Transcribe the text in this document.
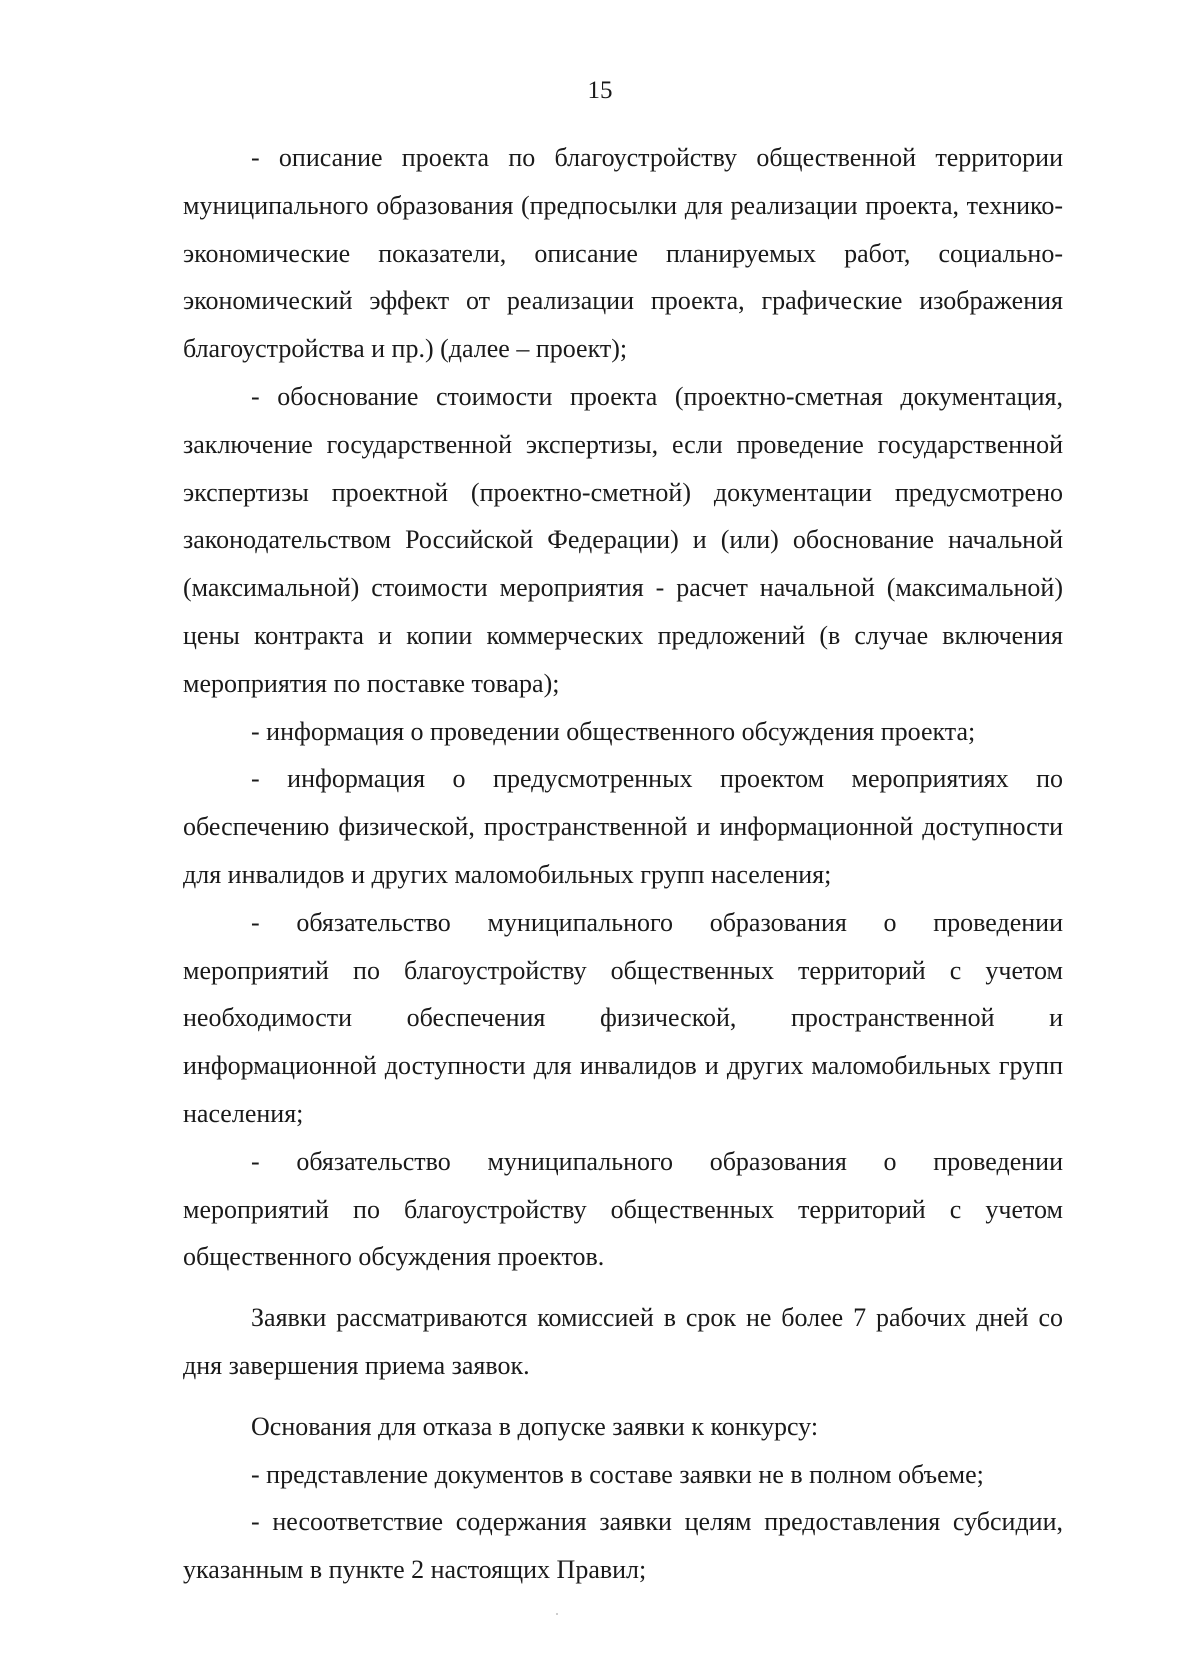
15

- описание проекта по благоустройству общественной территории муниципального образования (предпосылки для реализации проекта, технико-экономические показатели, описание планируемых работ, социально-экономический эффект от реализации проекта, графические изображения благоустройства и пр.) (далее – проект);

- обоснование стоимости проекта (проектно-сметная документация, заключение государственной экспертизы, если проведение государственной экспертизы проектной (проектно-сметной) документации предусмотрено законодательством Российской Федерации) и (или) обоснование начальной (максимальной) стоимости мероприятия - расчет начальной (максимальной) цены контракта и копии коммерческих предложений (в случае включения мероприятия по поставке товара);

- информация о проведении общественного обсуждения проекта;

- информация о предусмотренных проектом мероприятиях по обеспечению физической, пространственной и информационной доступности для инвалидов и других маломобильных групп населения;

- обязательство муниципального образования о проведении мероприятий по благоустройству общественных территорий с учетом необходимости обеспечения физической, пространственной и информационной доступности для инвалидов и других маломобильных групп населения;

- обязательство муниципального образования о проведении мероприятий по благоустройству общественных территорий с учетом общественного обсуждения проектов.

Заявки рассматриваются комиссией в срок не более 7 рабочих дней со дня завершения приема заявок.

Основания для отказа в допуске заявки к конкурсу:

- представление документов в составе заявки не в полном объеме;

- несоответствие содержания заявки целям предоставления субсидии, указанным в пункте 2 настоящих Правил;
